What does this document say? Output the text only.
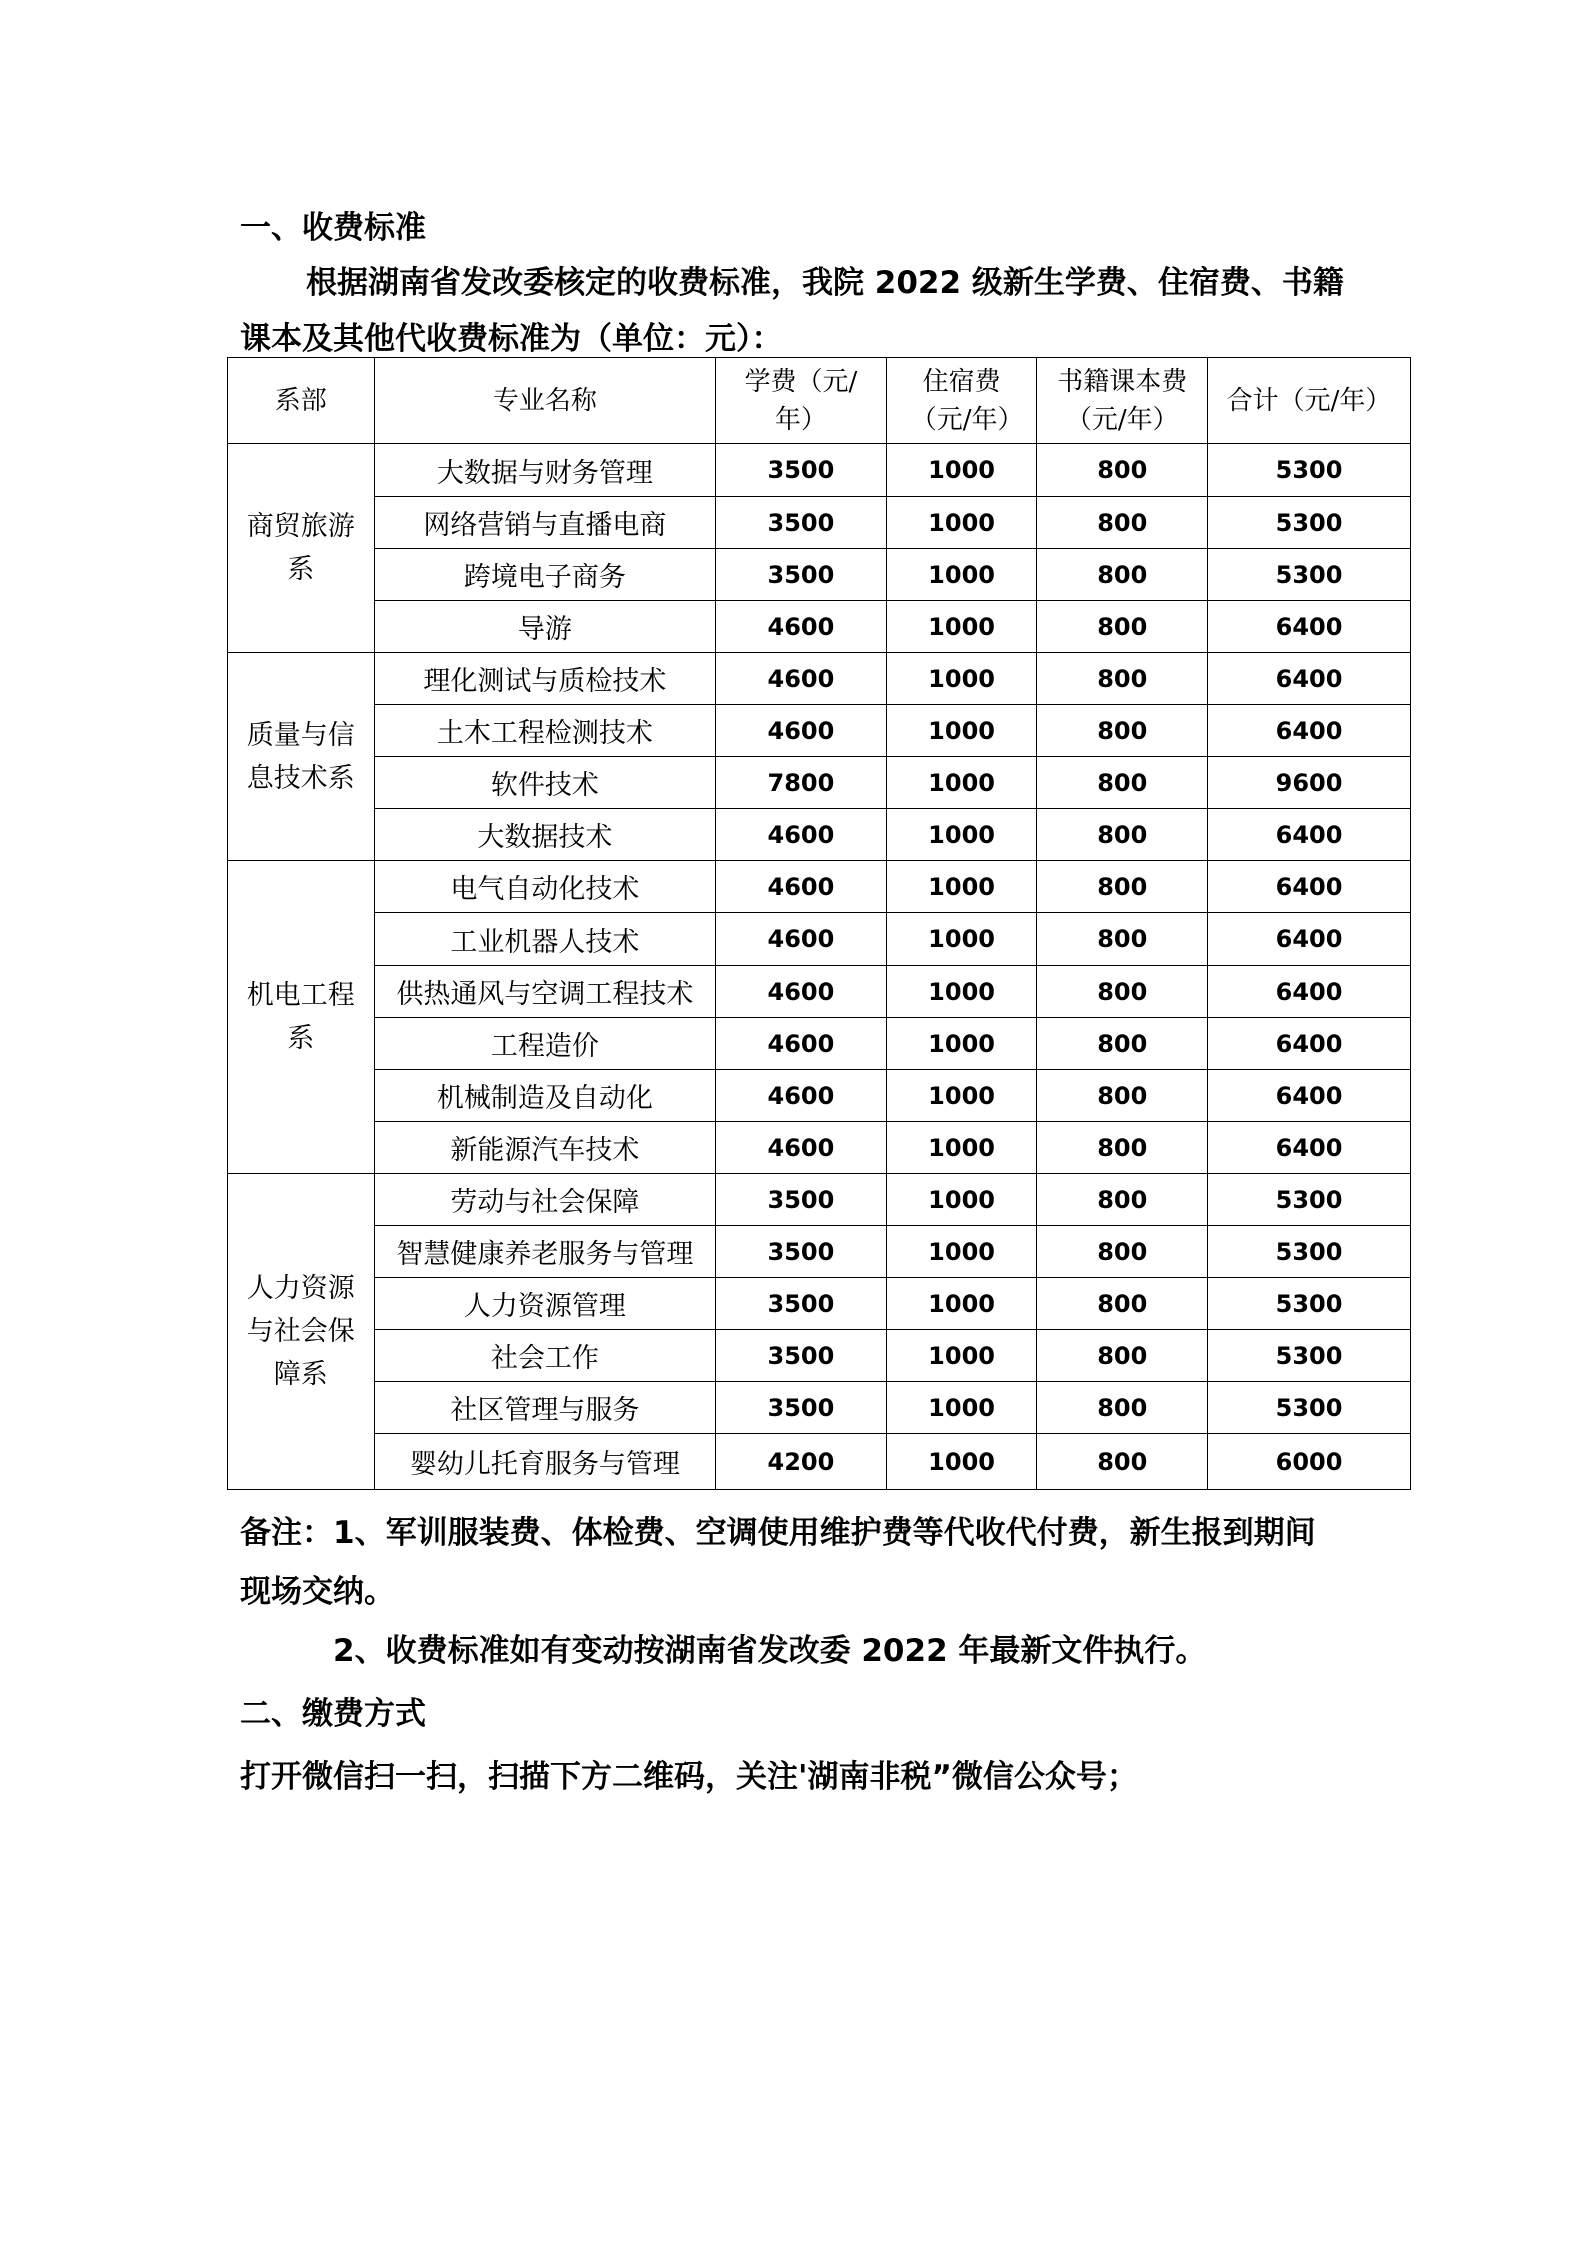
一、收费标准
根据湖南省发改委核定的收费标准，我院 2022 级新生学费、住宿费、书籍
课本及其他代收费标准为（单位：元）：
系部	专业名称	学费（元/年）	住宿费（元/年）	书籍课本费（元/年）	合计（元/年）

商贸旅游系	大数据与财务管理	3500	1000	800	5300
	网络营销与直播电商	3500	1000	800	5300
	跨境电子商务	3500	1000	800	5300
	导游	4600	1000	800	6400

质量与信息技术系	理化测试与质检技术	4600	1000	800	6400
	土木工程检测技术	4600	1000	800	6400
	软件技术	7800	1000	800	9600
	大数据技术	4600	1000	800	6400

机电工程系	电气自动化技术	4600	1000	800	6400
	工业机器人技术	4600	1000	800	6400
	供热通风与空调工程技术	4600	1000	800	6400
	工程造价	4600	1000	800	6400
	机械制造及自动化	4600	1000	800	6400
	新能源汽车技术	4600	1000	800	6400

人力资源与社会保障系	劳动与社会保障	3500	1000	800	5300
	智慧健康养老服务与管理	3500	1000	800	5300
	人力资源管理	3500	1000	800	5300
	社会工作	3500	1000	800	5300
	社区管理与服务	3500	1000	800	5300
	婴幼儿托育服务与管理	4200	1000	800	6000
备注：1、军训服装费、体检费、空调使用维护费等代收代付费，新生报到期间
现场交纳。
2、收费标准如有变动按湖南省发改委 2022 年最新文件执行。
二、缴费方式
打开微信扫一扫，扫描下方二维码，关注'湖南非税”微信公众号；
